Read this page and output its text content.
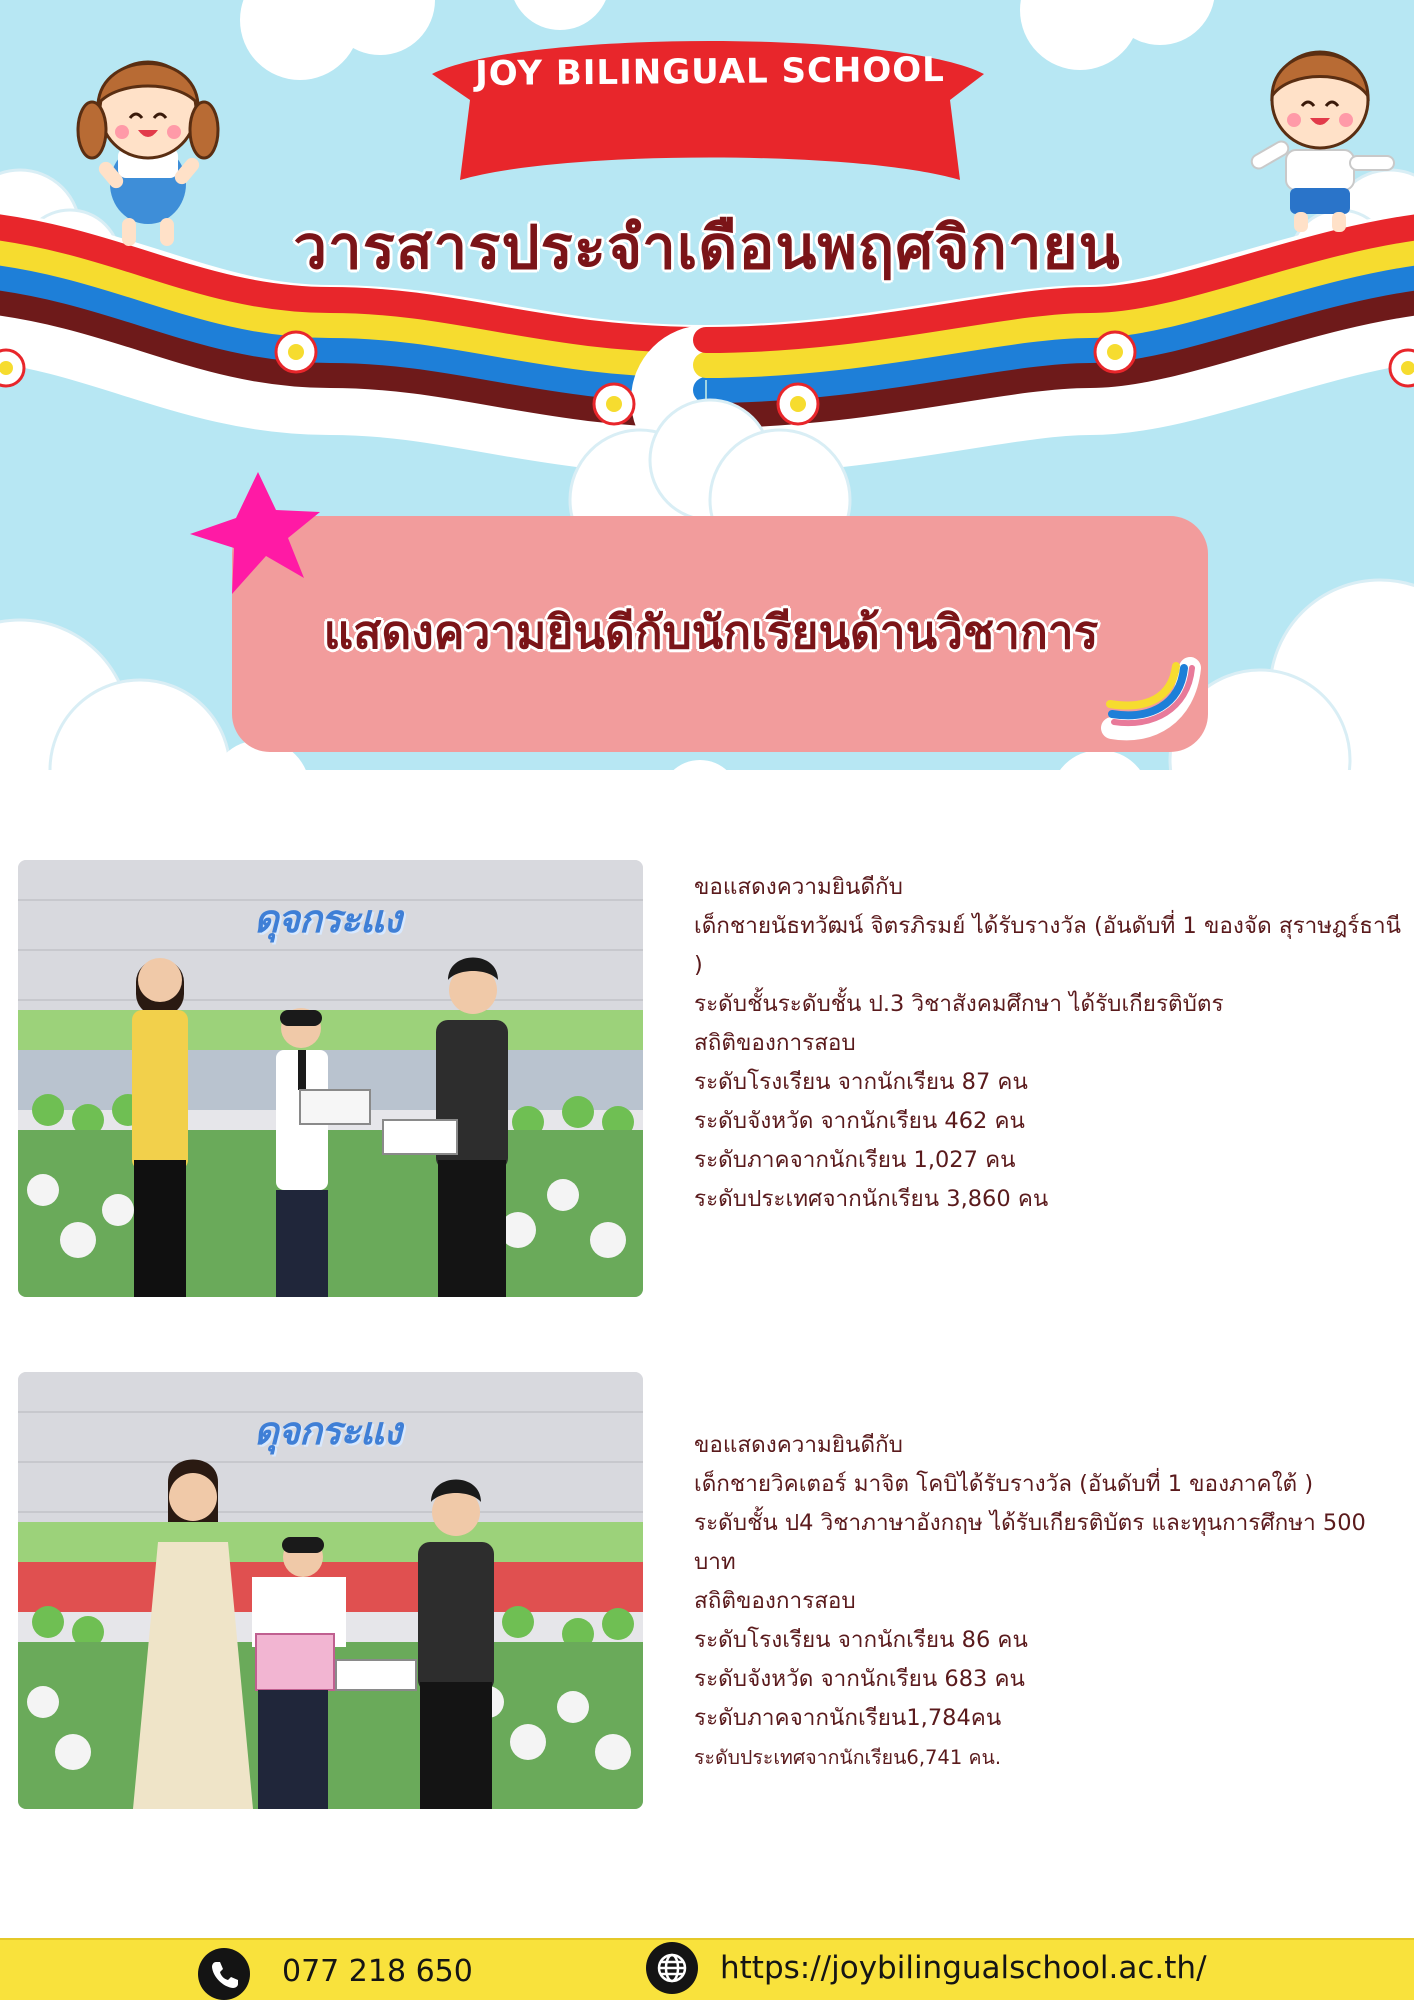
JOY BILINGUAL SCHOOL
วารสารประจำเดือนพฤศจิกายน
แสดงความยินดีกับนักเรียนด้านวิชาการ
ดุจกระแง

ขอแสดงความยินดีกับ

เด็กชายนัธทวัฒน์ จิตรภิรมย์ ได้รับรางวัล (อันดับที่ 1 ของจัด สุราษฎร์ธานี )

ระดับชั้นระดับชั้น ป.3 วิชาสังคมศึกษา ได้รับเกียรติบัตร

สถิติของการสอบ

ระดับโรงเรียน จากนักเรียน 87 คน

ระดับจังหวัด จากนักเรียน 462 คน

ระดับภาคจากนักเรียน 1,027 คน

ระดับประเทศจากนักเรียน 3,860 คน

ดุจกระแง	ขอแสดงความยินดีกับ

เด็กชายวิคเตอร์ มาจิต โคบิได้รับรางวัล (อันดับที่ 1 ของภาคใต้ )

ระดับชั้น ป4 วิชาภาษาอังกฤษ ได้รับเกียรติบัตร และทุนการศึกษา 500 บาท

สถิติของการสอบ

ระดับโรงเรียน จากนักเรียน 86 คน

ระดับจังหวัด จากนักเรียน 683 คน

ระดับภาคจากนักเรียน1,784คน

ระดับประเทศจากนักเรียน6,741 คน.

077 218 650	https://joybilingualschool.ac.th/
